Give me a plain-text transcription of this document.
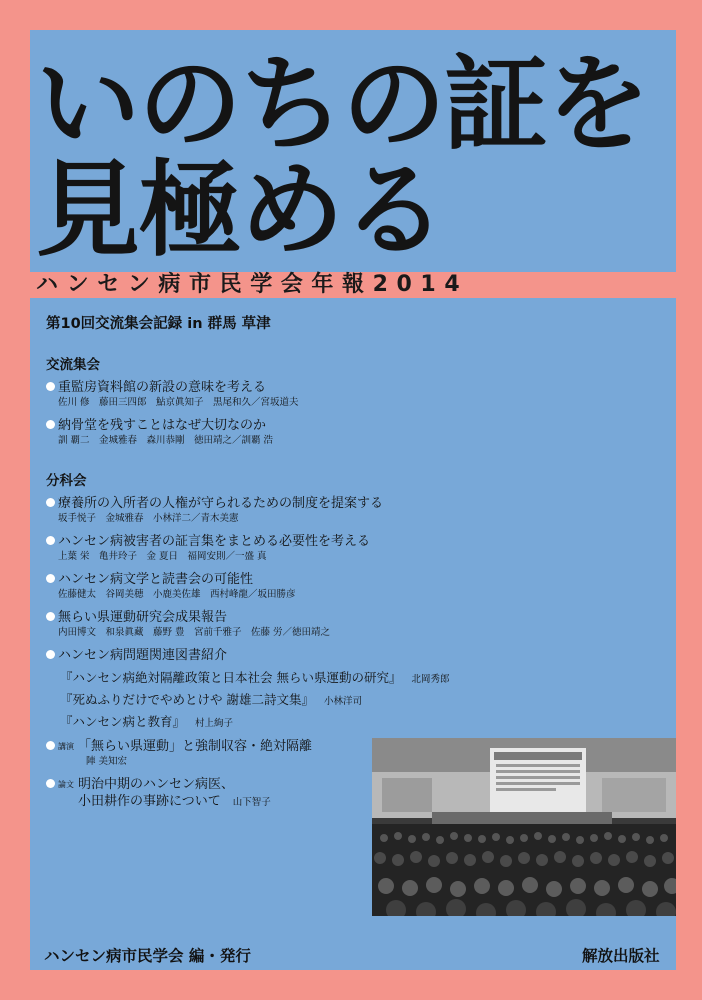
いのちの証を
見極める
ハンセン病市民学会年報2014
第10回交流集会記録 in 群馬 草津
交流集会
重監房資料館の新設の意味を考える
佐川 修　藤田三四郎　鮎京眞知子　黒尾和久／宮坂道夫
納骨堂を残すことはなぜ大切なのか
訓 覇二　金城雅春　森川恭剛　徳田靖之／訓覇 浩
分科会
療養所の入所者の人権が守られるための制度を提案する
坂手悦子　金城雅春　小林洋二／青木美憲
ハンセン病被害者の証言集をまとめる必要性を考える
上葉 栄　亀井玲子　金 夏日　福岡安則／一盛 真
ハンセン病文学と読書会の可能性
佐藤健太　谷岡美穂　小鹿美佐雄　西村峰龍／坂田勝彦
無らい県運動研究会成果報告
内田博文　和泉眞藏　藤野 豊　宮前千雅子　佐藤 労／徳田靖之
ハンセン病問題関連図書紹介
『ハンセン病絶対隔離政策と日本社会 無らい県運動の研究』 北岡秀郎
『死ぬふりだけでやめとけや 謝雄二詩文集』 小林洋司
『ハンセン病と教育』 村上絢子
講演 「無らい県運動」と強制収容・絶対隔離
陣 美知宏
論文 明治中期のハンセン病医、
小田耕作の事跡について 山下智子
ハンセン病市民学会 編・発行	解放出版社
